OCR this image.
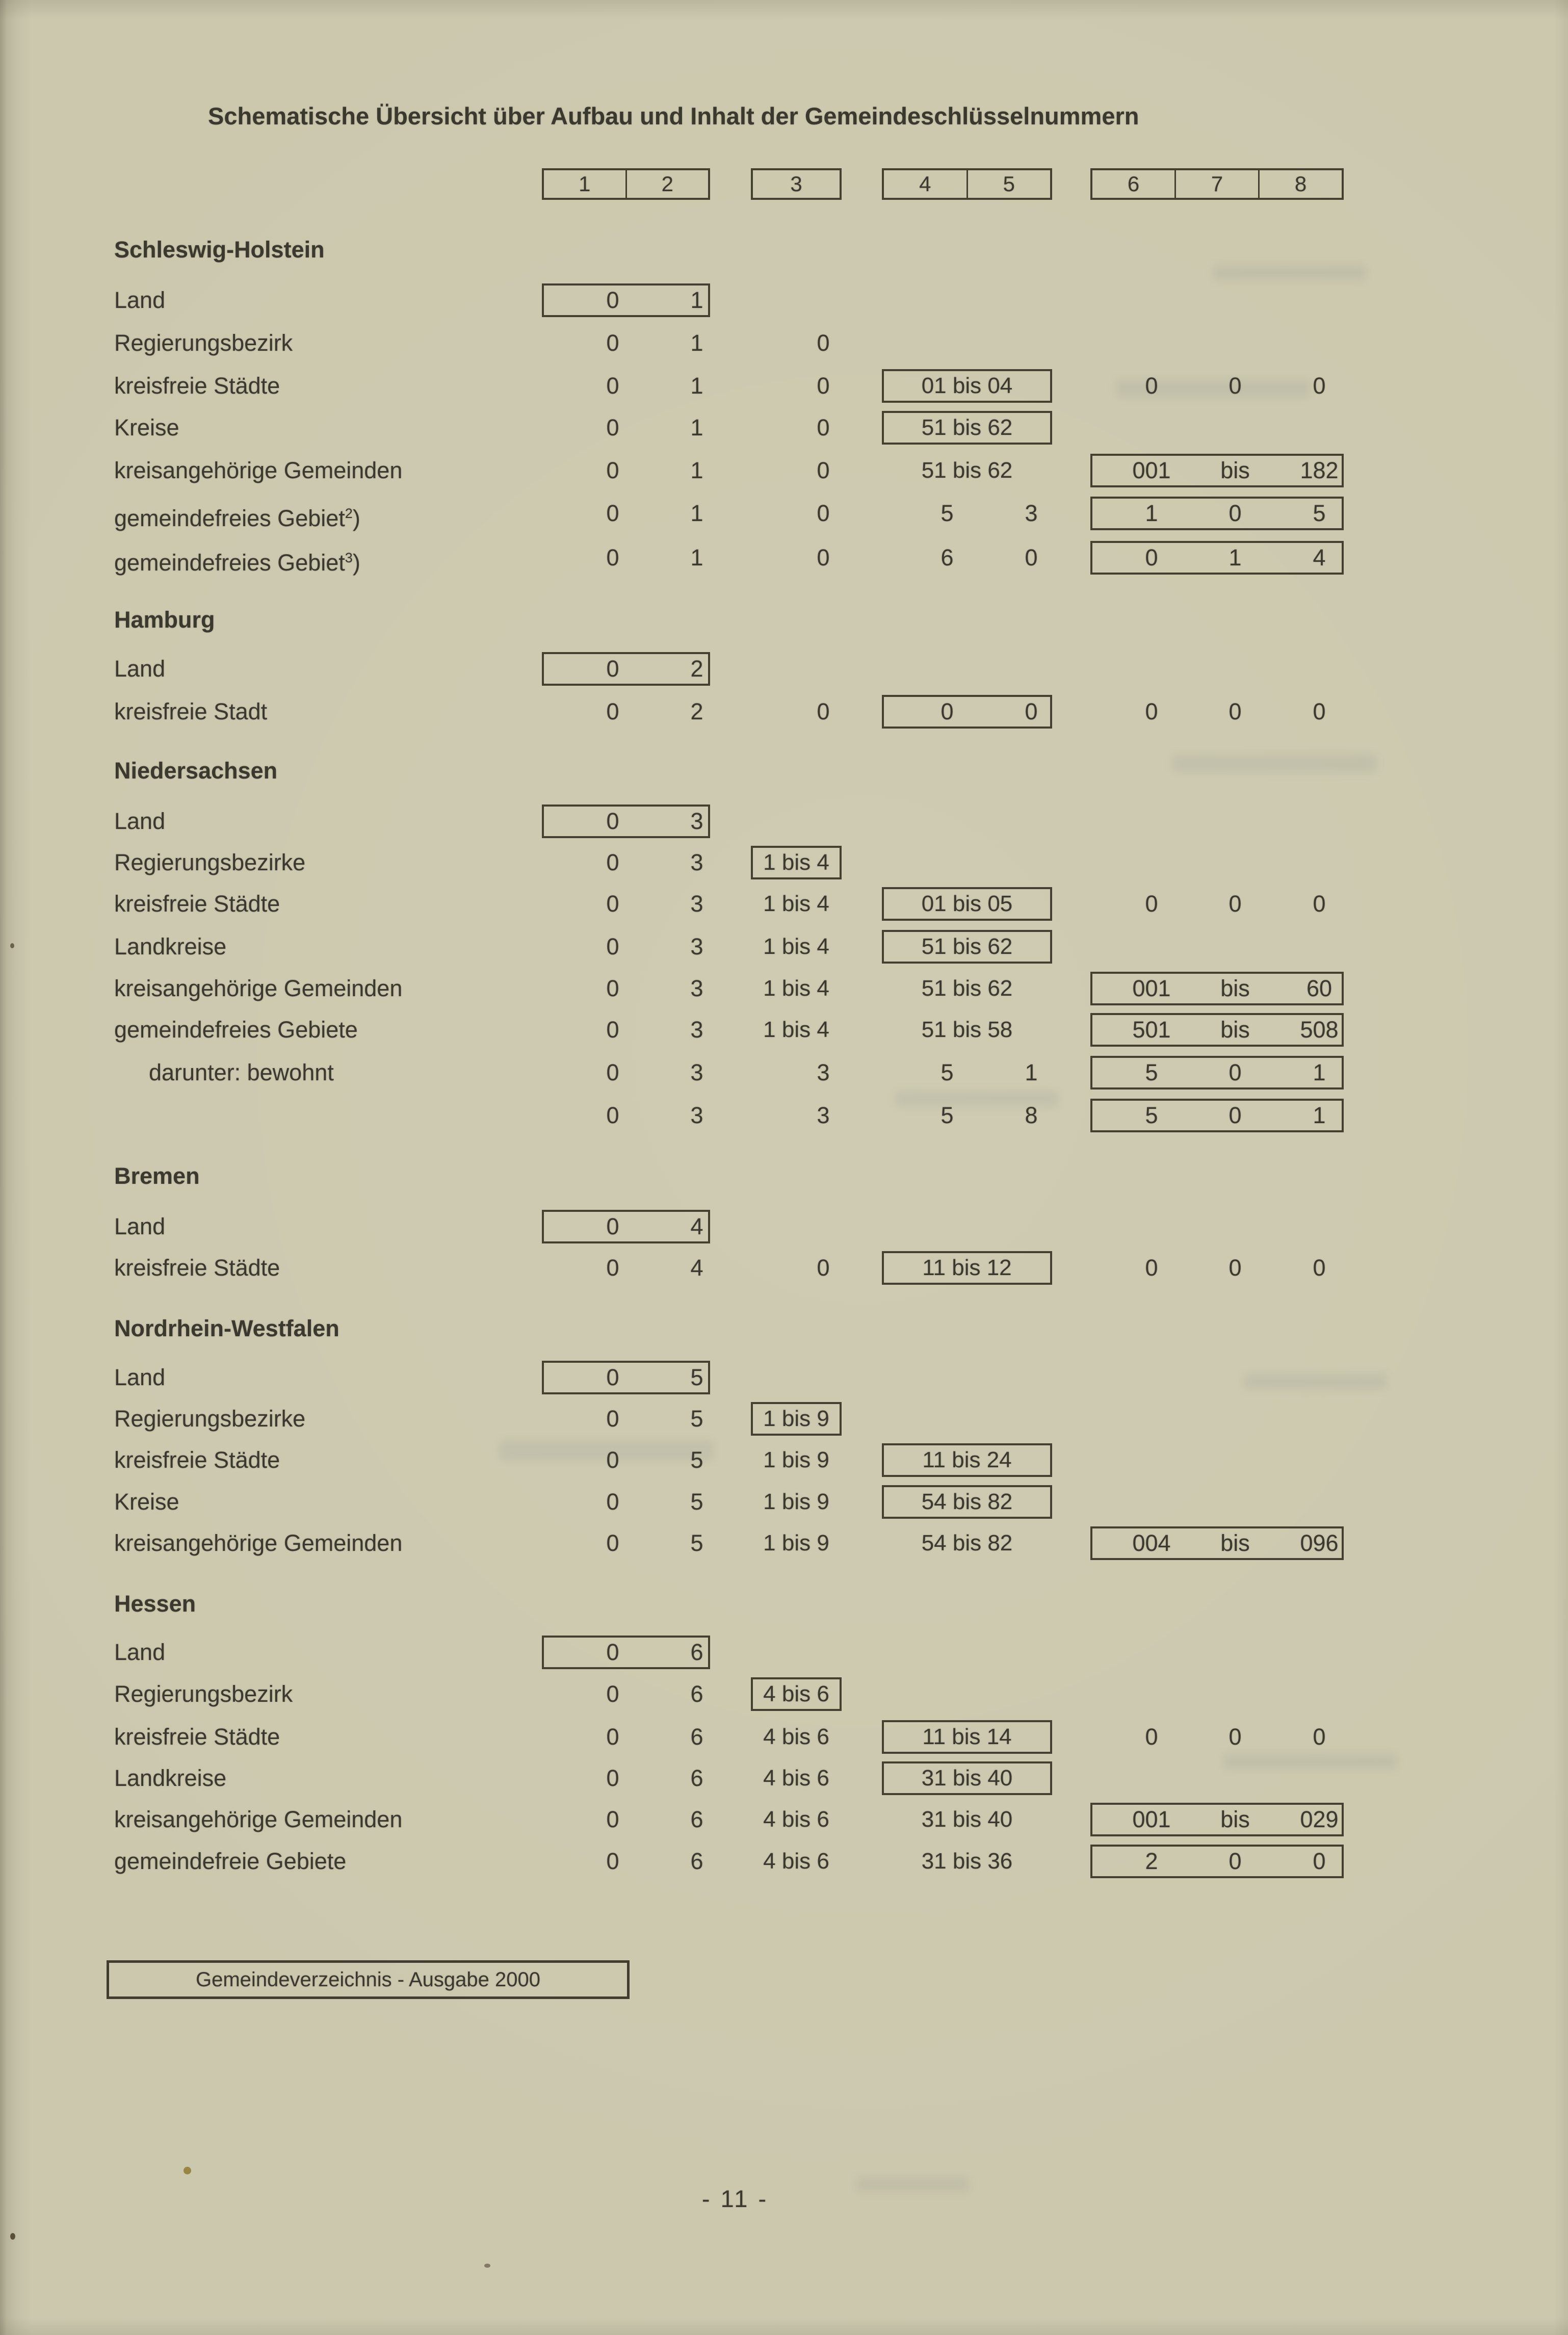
Schematische Übersicht über Aufbau und Inhalt der Gemeindeschlüsselnummern
1	2	3	4	5	6	7	8
Schleswig-Holstein
Land	0	1
Regierungsbezirk	0	1	0
kreisfreie Städte	0	1	0	01 bis 04	0	0	0
Kreise	0	1	0	51 bis 62
kreisangehörige Gemeinden	0	1	0	51 bis 62	001	bis	182
gemeindefreies Gebiet$^2$)	0	1	0	5	3	1	0	5
gemeindefreies Gebiet$^3$)	0	1	0	6	0	0	1	4
Hamburg
Land	0	2
kreisfreie Stadt	0	2	0	0	0	0	0	0
Niedersachsen
Land	0	3
Regierungsbezirke	0	3	1 bis 4
kreisfreie Städte	0	3	1 bis 4	01 bis 05	0	0	0
Landkreise	0	3	1 bis 4	51 bis 62
kreisangehörige Gemeinden	0	3	1 bis 4	51 bis 62	001	bis	60
gemeindefreies Gebiete	0	3	1 bis 4	51 bis 58	501	bis	508
darunter: bewohnt	0	3	3	5	1	5	0	1
0	3	3	5	8	5	0	1
Bremen
Land	0	4
kreisfreie Städte	0	4	0	11 bis 12	0	0	0
Nordrhein-Westfalen
Land	0	5
Regierungsbezirke	0	5	1 bis 9
kreisfreie Städte	0	5	1 bis 9	11 bis 24
Kreise	0	5	1 bis 9	54 bis 82
kreisangehörige Gemeinden	0	5	1 bis 9	54 bis 82	004	bis	096
Hessen
Land	0	6
Regierungsbezirk	0	6	4 bis 6
kreisfreie Städte	0	6	4 bis 6	11 bis 14	0	0	0
Landkreise	0	6	4 bis 6	31 bis 40
kreisangehörige Gemeinden	0	6	4 bis 6	31 bis 40	001	bis	029
gemeindefreie Gebiete	0	6	4 bis 6	31 bis 36	2	0	0
Gemeindeverzeichnis - Ausgabe 2000
- 11 -
